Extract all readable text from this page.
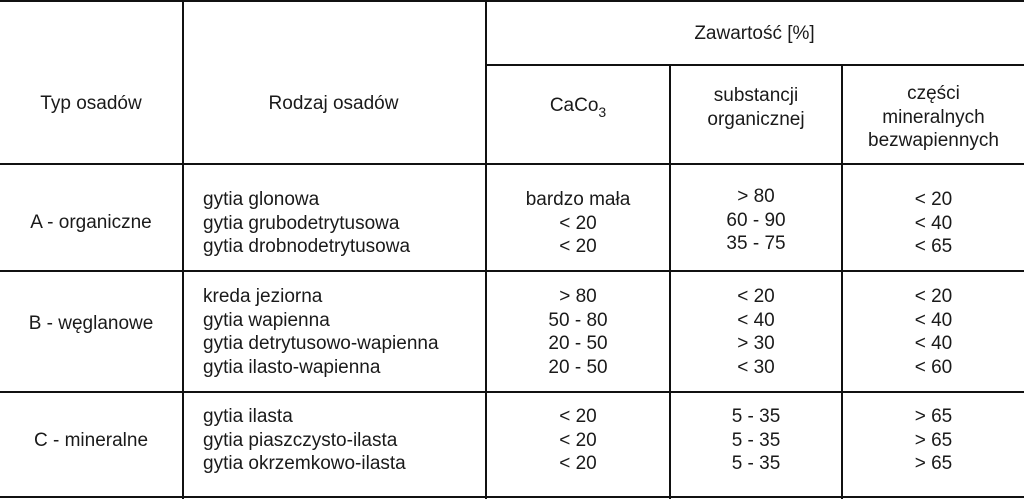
Typ osadów	Rodzaj osadów
Zawartość [%]
CaCo$_3$
substancji
organicznej
części
mineralnych
bezwapiennych
A - organiczne
gytia glonowa
gytia grubodetrytusowa
gytia drobnodetrytusowa
bardzo mała
< 20
< 20
> 80
60 - 90
35 - 75
< 20
< 40
< 65
B - węglanowe
kreda jeziorna
gytia wapienna
gytia detrytusowo-wapienna
gytia ilasto-wapienna
> 80
50 - 80
20 - 50
20 - 50
< 20
< 40
> 30
< 30
< 20
< 40
< 40
< 60
C - mineralne
gytia ilasta
gytia piaszczysto-ilasta
gytia okrzemkowo-ilasta
< 20
< 20
< 20
5 - 35
5 - 35
5 - 35
> 65
> 65
> 65
